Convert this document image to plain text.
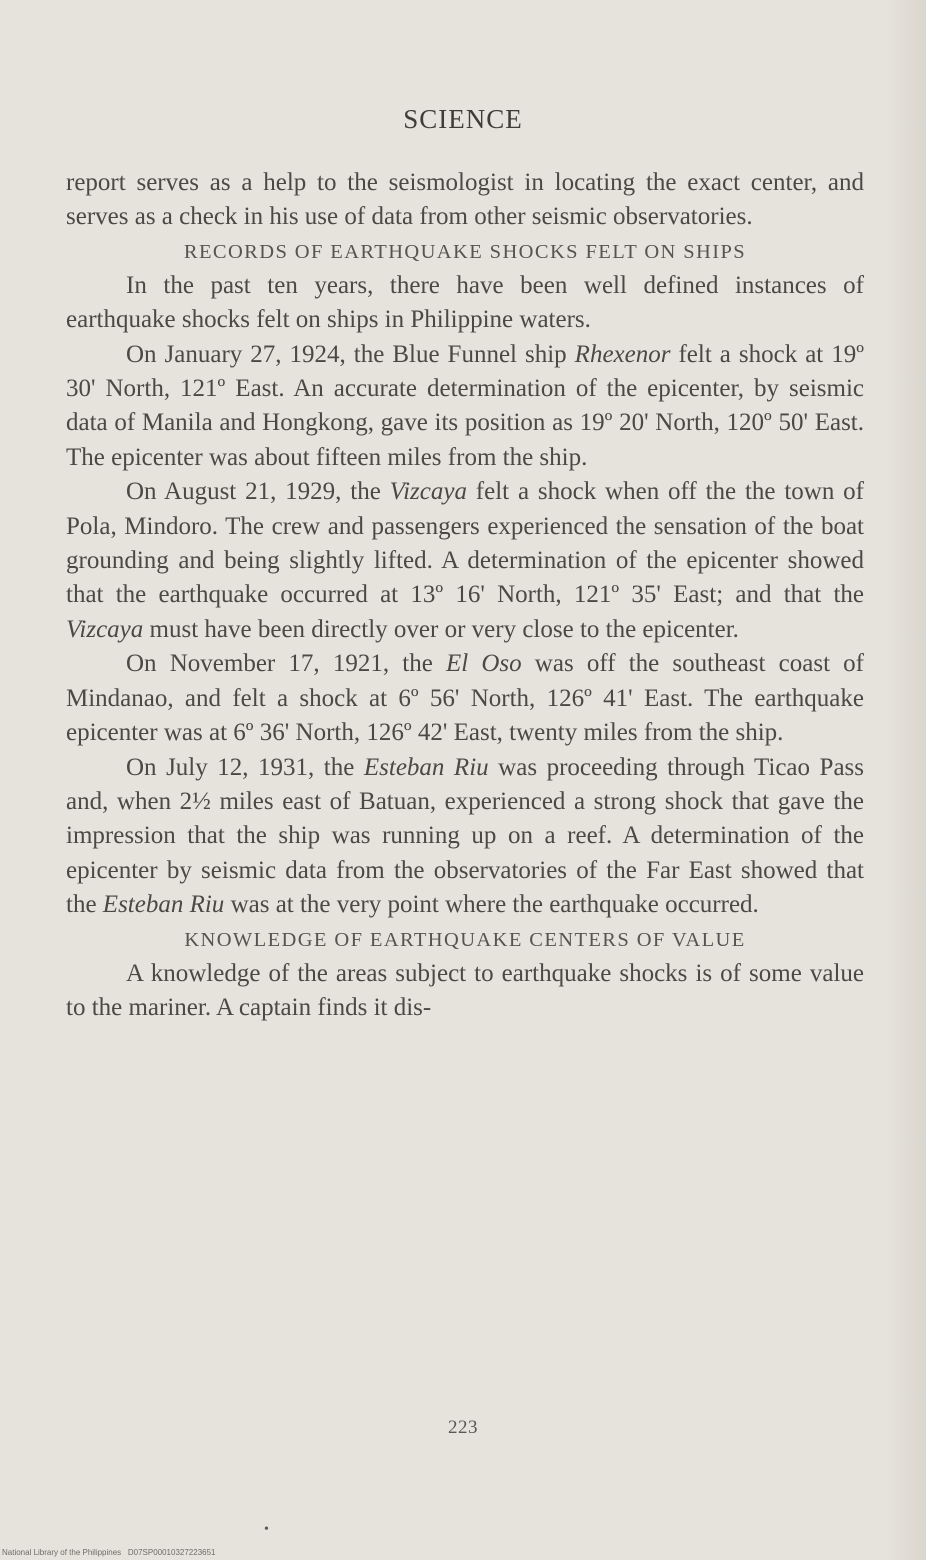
SCIENCE

report serves as a help to the seismologist in locating the exact center, and serves as a check in his use of data from other seismic observatories.

RECORDS OF EARTHQUAKE SHOCKS FELT ON SHIPS

In the past ten years, there have been well defined instances of earthquake shocks felt on ships in Philippine waters.

On January 27, 1924, the Blue Funnel ship Rhexenor felt a shock at 19º 30' North, 121º East. An accurate determination of the epicenter, by seismic data of Manila and Hongkong, gave its position as 19º 20' North, 120º 50' East. The epicenter was about fifteen miles from the ship.

On August 21, 1929, the Vizcaya felt a shock when off the the town of Pola, Mindoro. The crew and passengers experienced the sensation of the boat grounding and being slightly lifted. A determination of the epicenter showed that the earthquake occurred at 13º 16' North, 121º 35' East; and that the Vizcaya must have been directly over or very close to the epicenter.

On November 17, 1921, the El Oso was off the southeast coast of Mindanao, and felt a shock at 6º 56' North, 126º 41' East. The earthquake epicenter was at 6º 36' North, 126º 42' East, twenty miles from the ship.

On July 12, 1931, the Esteban Riu was proceeding through Ticao Pass and, when 2½ miles east of Batuan, experienced a strong shock that gave the impression that the ship was running up on a reef. A determination of the epicenter by seismic data from the observatories of the Far East showed that the Esteban Riu was at the very point where the earthquake occurred.

KNOWLEDGE OF EARTHQUAKE CENTERS OF VALUE

A knowledge of the areas subject to earthquake shocks is of some value to the mariner. A captain finds it dis-

223
•
National Library of the Philippines D07SP00010327223651
